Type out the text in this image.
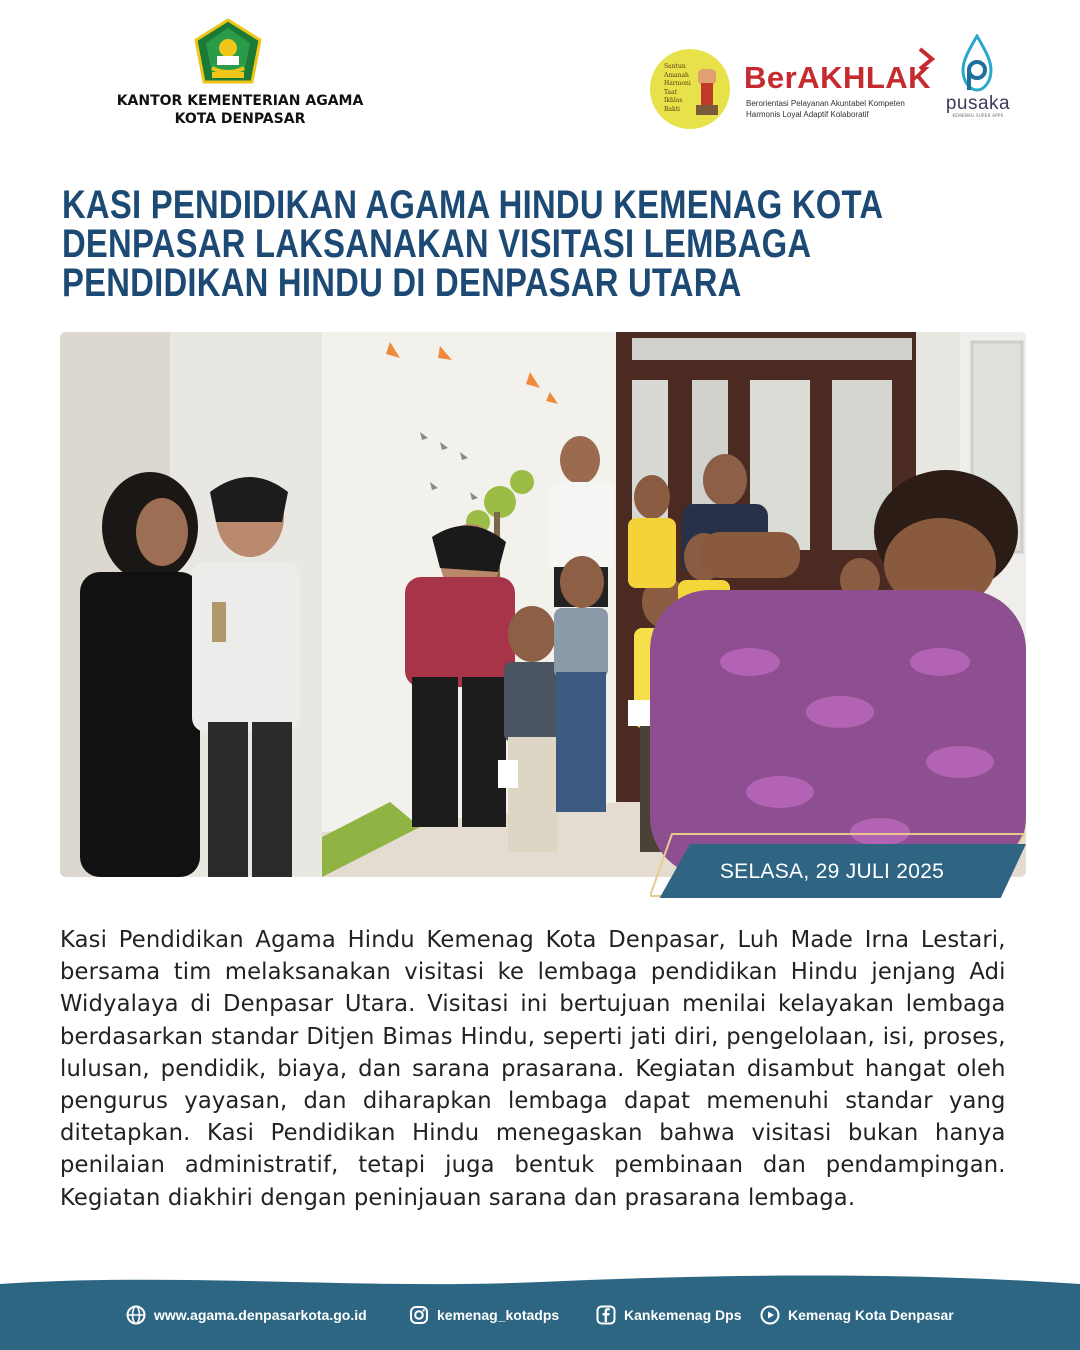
KANTOR KEMENTERIAN AGAMA
KOTA DENPASAR
Santun
Amanah
Harmoni
Taat
Ikhlas
Bakti
BerAKHLAK
Berorientasi Pelayanan Akuntabel Kompeten
Harmonis Loyal Adaptif Kolaboratif
pusaka
KEMENAG SUPER APPS
KASI PENDIDIKAN AGAMA HINDU KEMENAG KOTA
DENPASAR LAKSANAKAN VISITASI LEMBAGA
PENDIDIKAN HINDU DI DENPASAR UTARA
SELASA, 29 JULI 2025

Kasi Pendidikan Agama Hindu Kemenag Kota Denpasar, Luh Made Irna Lestari, bersama tim melaksanakan visitasi ke lembaga pendidikan Hindu jenjang Adi Widyalaya di Denpasar Utara. Visitasi ini bertujuan menilai kelayakan lembaga berdasarkan standar Ditjen Bimas Hindu, seperti jati diri, pengelolaan, isi, proses, lulusan, pendidik, biaya, dan sarana prasarana. Kegiatan disambut hangat oleh pengurus yayasan, dan diharapkan lembaga dapat memenuhi standar yang ditetapkan. Kasi Pendidikan Hindu menegaskan bahwa visitasi bukan hanya penilaian administratif, tetapi juga bentuk pembinaan dan pendampingan. Kegiatan diakhiri dengan peninjauan sarana dan prasarana lembaga.

www.agama.denpasarkota.go.id	kemenag_kotadps	Kankemenag Dps	Kemenag Kota Denpasar
